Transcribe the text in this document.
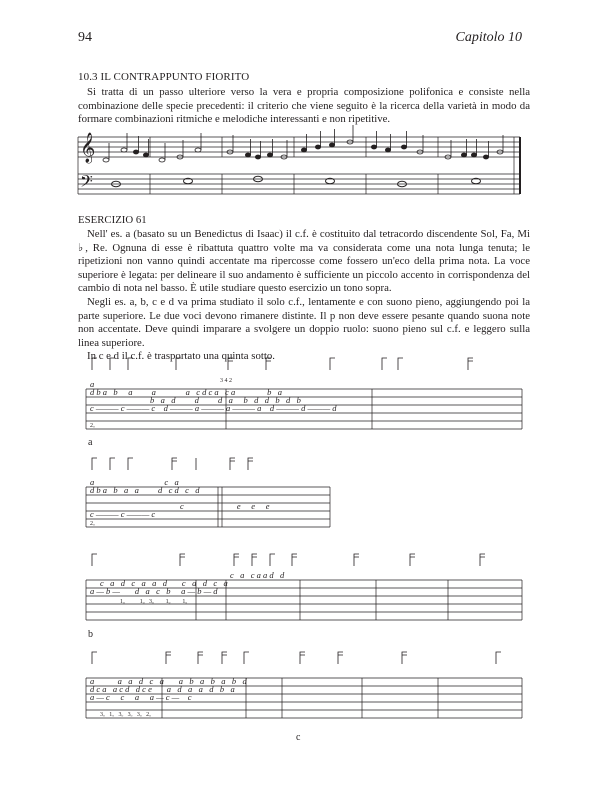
94	Capitolo 10
10.3 IL CONTRAPPUNTO FIORITO

Si tratta di un passo ulteriore verso la vera e propria composizione polifonica e consiste nella combinazione delle specie precedenti: il criterio che viene seguito è la ricerca della varietà in modo da formare combinazioni ritmiche e melodiche interessanti e non ripetitive.

𝄞
𝄢
ESERCIZIO 61

Nell' es. a (basato su un Benedictus di Isaac) il c.f. è costituito dal tetracordo discendente Sol, Fa, Mi ♭, Re. Ognuna di esse è ribattuta quattro volte ma va considerata come una nota lunga tenuta; le ripetizioni non vanno quindi accentate ma ripercosse come fossero un'eco della prima nota. La voce superiore è legata: per delineare il suo andamento è sufficiente un piccolo accento in corrispondenza del cambio di nota nel basso. È utile studiare questo esercizio un tono sopra.

Negli es. a, b, c e d va prima studiato il solo c.f., lentamente e con suono pieno, aggiungendo poi la parte superiore. Le due voci devono rimanere distinte. Il p non deve essere pesante quando suona note non accentate. Deve quindi imparare a svolgere un doppio ruolo: suono pieno sul c.f. e leggero sulla linea superiore.

In c e d il c.f. è trasportato una quinta sotto.

a
d b a   b     a         a              a   c d c a   c a               b   a
b   a   d         d         d   a     b   d   d   b   d   b
c ——— c ——— c    d ——— a ——— a ——— a    d ——— d ——— d
2ₒ
3 4 2
a
a                                 c   a
d b a   b   a   a         d   c d   c   d
c                         e     e     e
c ——— c ——— c
2ₒ
c   a   d   c   a   a   d       c   a   d   c   a
a — b —       d   a   c   b     a — b — d
1ₒ          1ₒ   3ₒ        1ₒ        1ₒ
c   a   c a a d   d
b
a           a   a   d   c   a       a   b   a   b   a   b   d
d c a   a c d   d c e       a   d   a   a   d   b   a
a — c     c     a     a — c —    c
3ₒ   1ₒ   3ₒ   3ₒ   3ₒ   2ₒ
c
